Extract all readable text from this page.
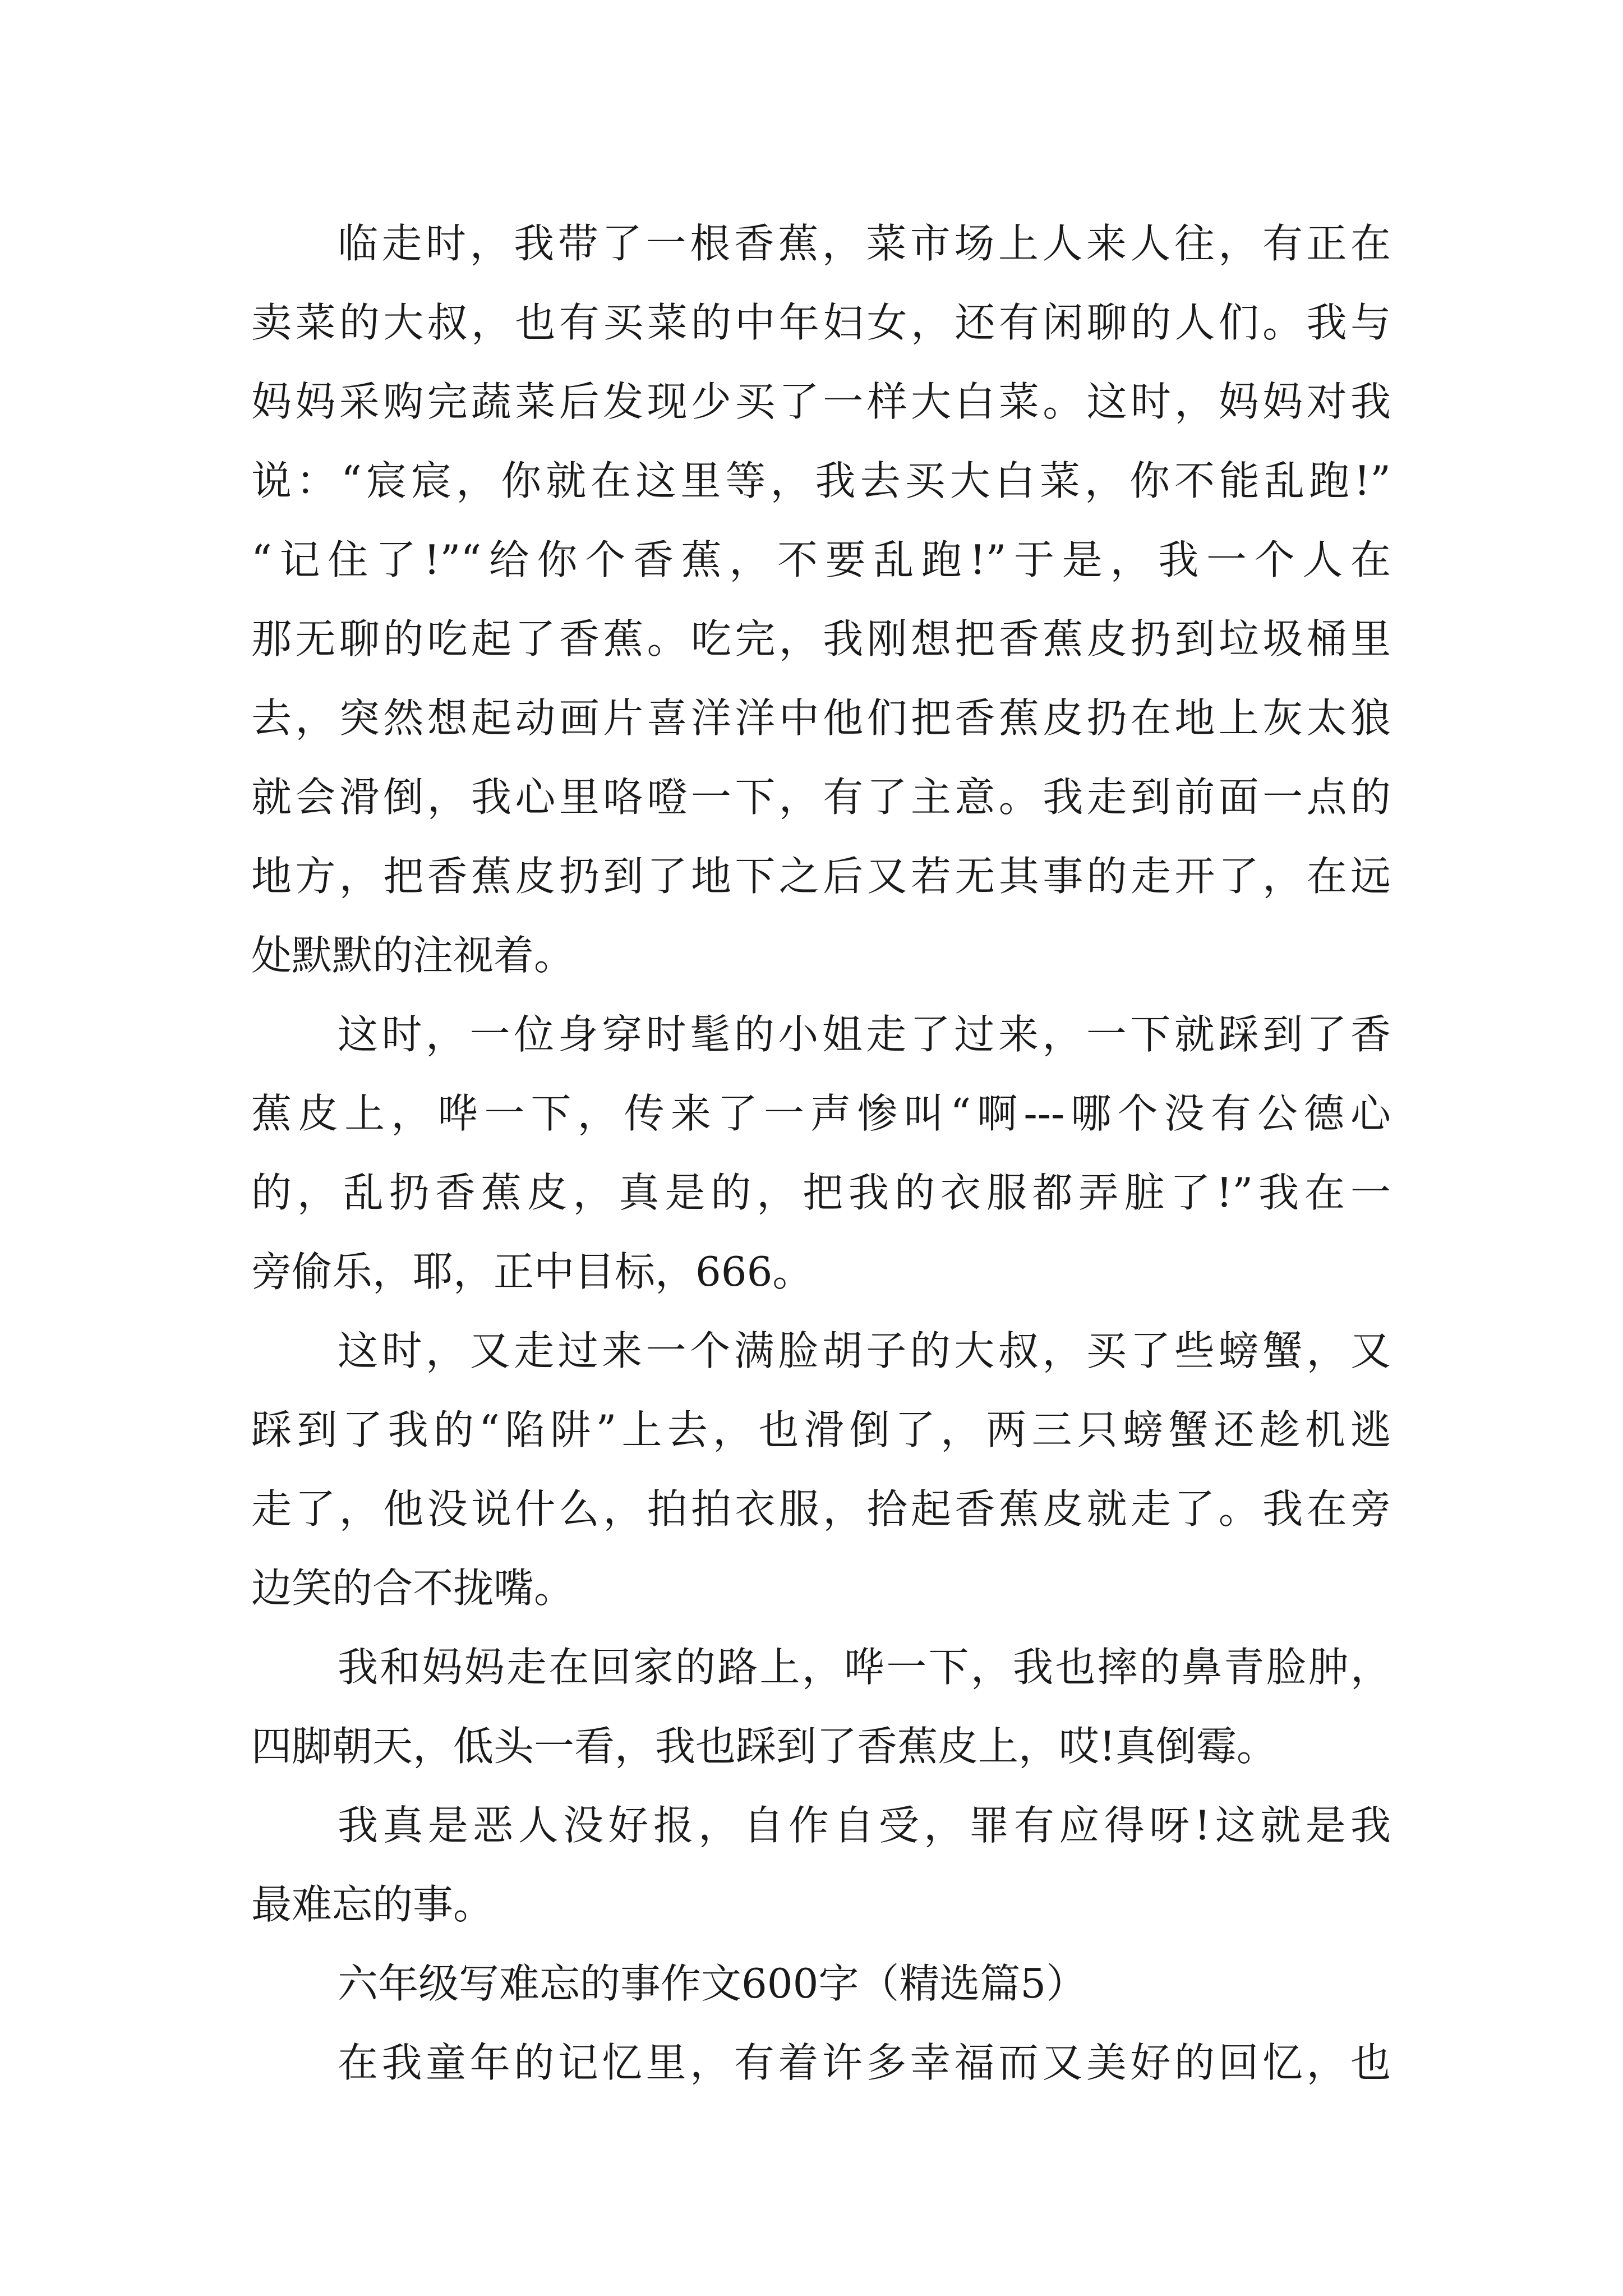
临走时，我带了一根香蕉，菜市场上人来人往，有正在
卖菜的大叔，也有买菜的中年妇女，还有闲聊的人们。我与
妈妈采购完蔬菜后发现少买了一样大白菜。这时，妈妈对我
说：“宸宸，你就在这里等，我去买大白菜，你不能乱跑!”
“记住了!”“给你个香蕉，不要乱跑!”于是，我一个人在
那无聊的吃起了香蕉。吃完，我刚想把香蕉皮扔到垃圾桶里
去，突然想起动画片喜洋洋中他们把香蕉皮扔在地上灰太狼
就会滑倒，我心里咯噔一下，有了主意。我走到前面一点的
地方，把香蕉皮扔到了地下之后又若无其事的走开了，在远
处默默的注视着。
这时，一位身穿时髦的小姐走了过来，一下就踩到了香
蕉皮上，哗一下，传来了一声惨叫“啊---哪个没有公德心
的，乱扔香蕉皮，真是的，把我的衣服都弄脏了!”我在一
旁偷乐，耶，正中目标，666。
这时，又走过来一个满脸胡子的大叔，买了些螃蟹，又
踩到了我的“陷阱”上去，也滑倒了，两三只螃蟹还趁机逃
走了，他没说什么，拍拍衣服，拾起香蕉皮就走了。我在旁
边笑的合不拢嘴。
我和妈妈走在回家的路上，哗一下，我也摔的鼻青脸肿，
四脚朝天，低头一看，我也踩到了香蕉皮上，哎!真倒霉。
我真是恶人没好报，自作自受，罪有应得呀!这就是我
最难忘的事。
六年级写难忘的事作文600字（精选篇5）
在我童年的记忆里，有着许多幸福而又美好的回忆，也
